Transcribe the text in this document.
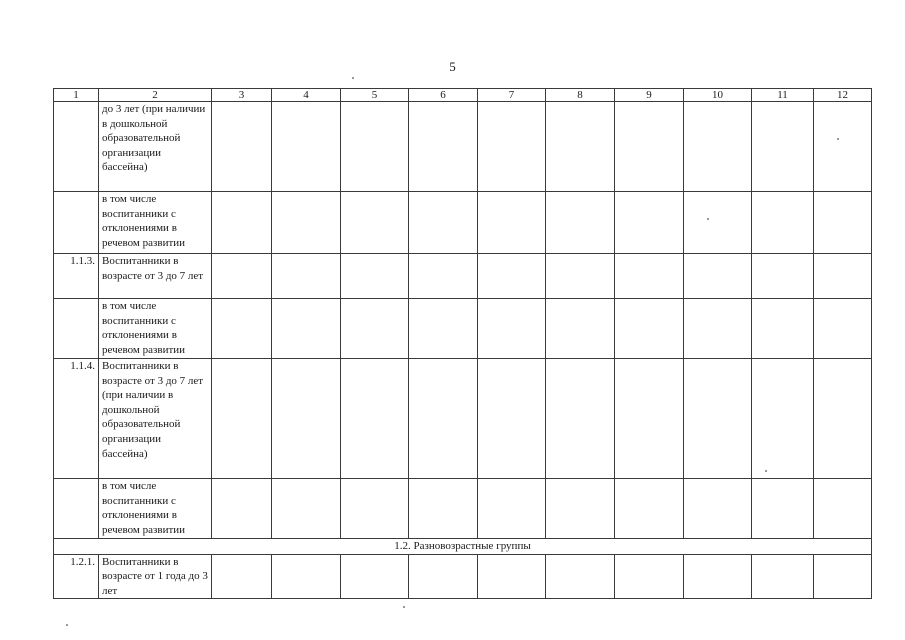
5
1	2	3	4	5	6	7	8	9	10	11	12
	до 3 лет (при наличии в дошкольной образовательной организации бассейна)										
	в том числе воспитанники с отклонениями в речевом развитии										
1.1.3.	Воспитанники в возрасте от 3 до 7 лет										
	в том числе воспитанники с отклонениями в речевом развитии										
1.1.4.	Воспитанники в возрасте от 3 до 7 лет (при наличии в дошкольной образовательной организации бассейна)										
	в том числе воспитанники с отклонениями в речевом развитии										
1.2. Разновозрастные группы											
1.2.1.	Воспитанники в возрасте от 1 года до 3 лет										
